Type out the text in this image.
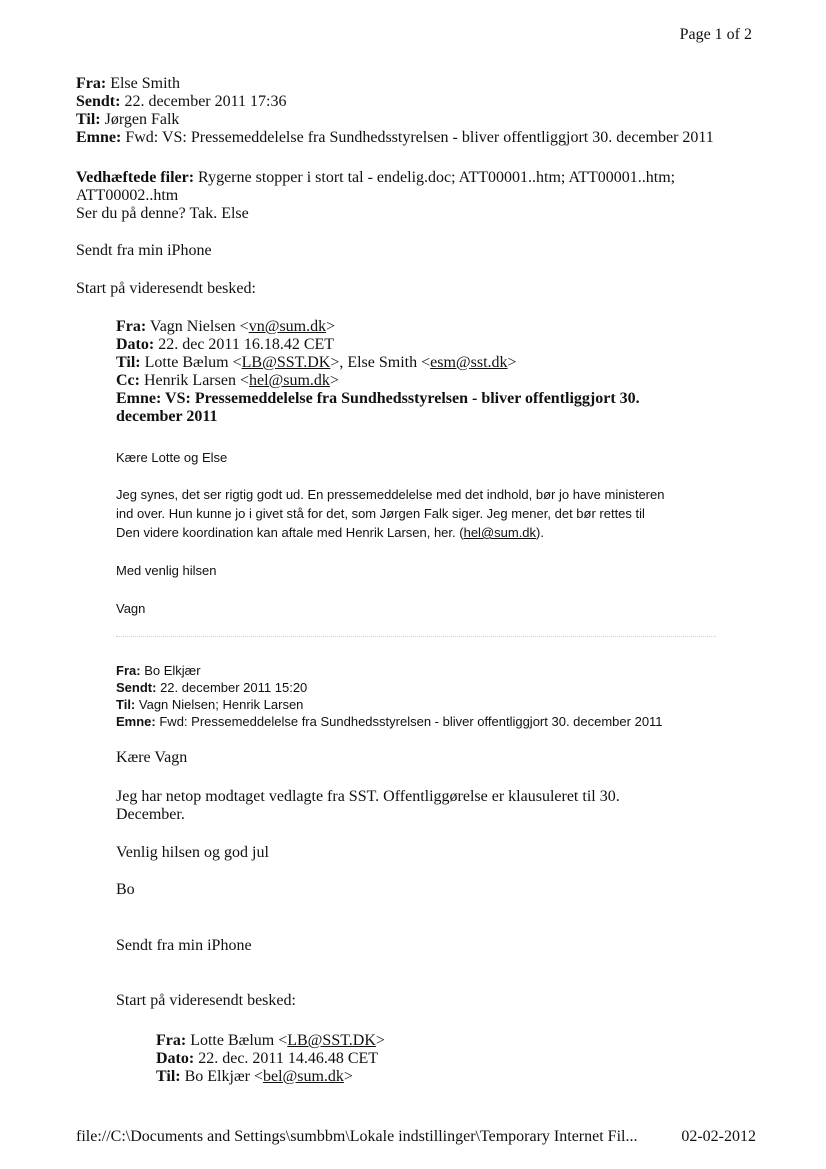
Page 1 of 2
Fra: Else Smith
Sendt: 22. december 2011 17:36
Til: Jørgen Falk
Emne: Fwd: VS: Pressemeddelelse fra Sundhedsstyrelsen - bliver offentliggjort 30. december 2011
Vedhæftede filer: Rygerne stopper i stort tal - endelig.doc; ATT00001..htm; ATT00001..htm;
ATT00002..htm
Ser du på denne? Tak. Else
Sendt fra min iPhone
Start på videresendt besked:
Fra: Vagn Nielsen <vn@sum.dk>
Dato: 22. dec 2011 16.18.42 CET
Til: Lotte Bælum <LB@SST.DK>, Else Smith <esm@sst.dk>
Cc: Henrik Larsen <hel@sum.dk>
Emne: VS: Pressemeddelelse fra Sundhedsstyrelsen - bliver offentliggjort 30.
december 2011
Kære Lotte og Else
Jeg synes, det ser rigtig godt ud. En pressemeddelelse med det indhold, bør jo have ministeren
ind over. Hun kunne jo i givet stå for det, som Jørgen Falk siger. Jeg mener, det bør rettes til
Den videre koordination kan aftale med Henrik Larsen, her. (hel@sum.dk).
Med venlig hilsen
Vagn
Fra: Bo Elkjær
Sendt: 22. december 2011 15:20
Til: Vagn Nielsen; Henrik Larsen
Emne: Fwd: Pressemeddelelse fra Sundhedsstyrelsen - bliver offentliggjort 30. december 2011
Kære Vagn
Jeg har netop modtaget vedlagte fra SST. Offentliggørelse er klausuleret til 30.
December.
Venlig hilsen og god jul
Bo
Sendt fra min iPhone
Start på videresendt besked:
Fra: Lotte Bælum <LB@SST.DK>
Dato: 22. dec. 2011 14.46.48 CET
Til: Bo Elkjær <bel@sum.dk>
file://C:\Documents and Settings\sumbbm\Lokale indstillinger\Temporary Internet Fil...	02-02-2012
